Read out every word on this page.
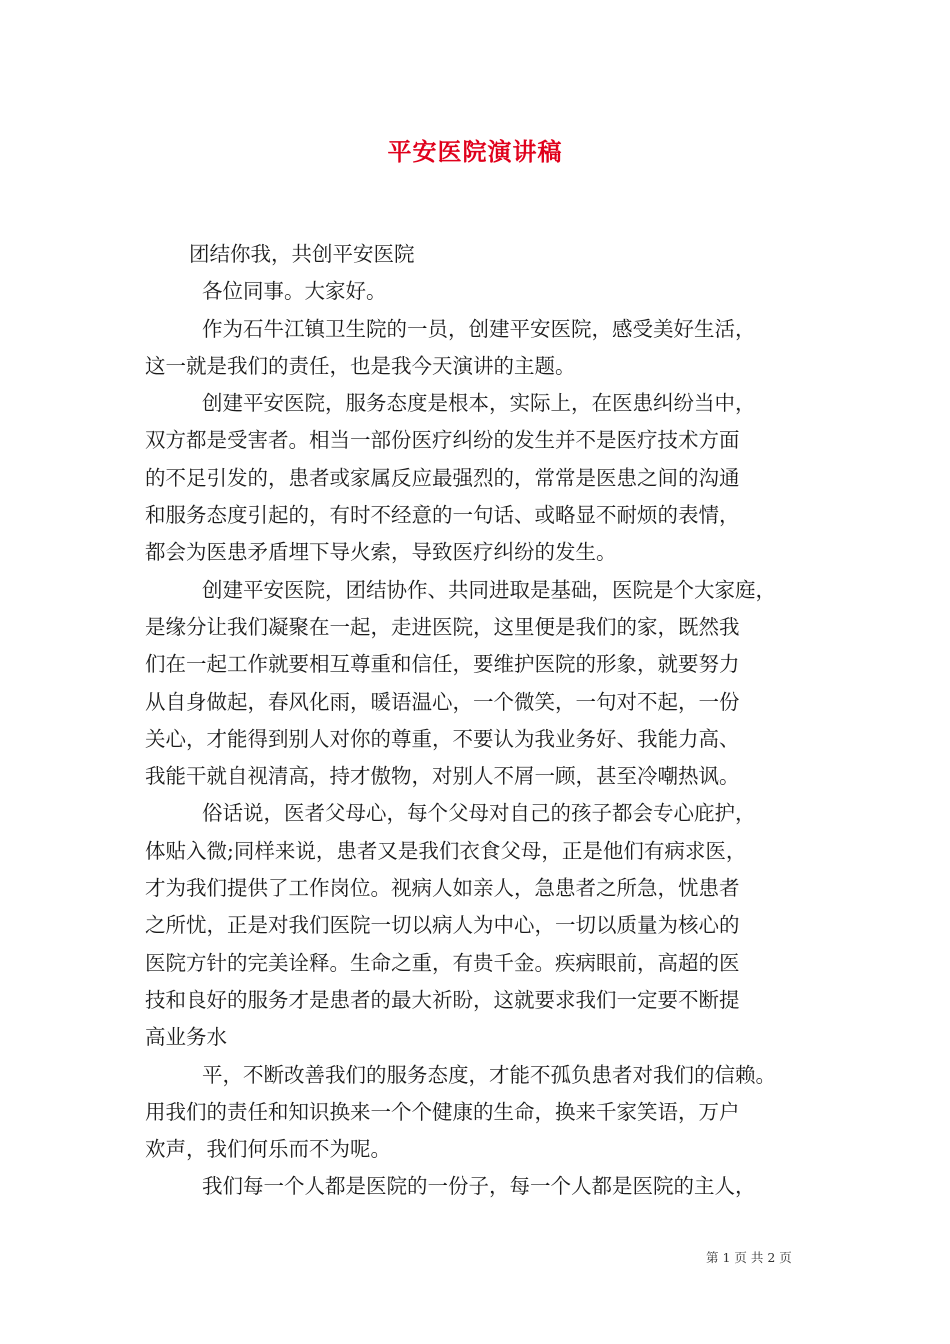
平安医院演讲稿
团结你我，共创平安医院
各位同事。大家好。
作为石牛江镇卫生院的一员，创建平安医院，感受美好生活，
这一就是我们的责任，也是我今天演讲的主题。
创建平安医院，服务态度是根本，实际上，在医患纠纷当中，
双方都是受害者。相当一部份医疗纠纷的发生并不是医疗技术方面
的不足引发的，患者或家属反应最强烈的，常常是医患之间的沟通
和服务态度引起的，有时不经意的一句话、或略显不耐烦的表情，
都会为医患矛盾埋下导火索，导致医疗纠纷的发生。
创建平安医院，团结协作、共同进取是基础，医院是个大家庭，
是缘分让我们凝聚在一起，走进医院，这里便是我们的家，既然我
们在一起工作就要相互尊重和信任，要维护医院的形象，就要努力
从自身做起，春风化雨，暖语温心，一个微笑，一句对不起，一份
关心，才能得到别人对你的尊重，不要认为我业务好、我能力高、
我能干就自视清高，持才傲物，对别人不屑一顾，甚至冷嘲热讽。
俗话说，医者父母心，每个父母对自己的孩子都会专心庇护，
体贴入微;同样来说，患者又是我们衣食父母，正是他们有病求医，
才为我们提供了工作岗位。视病人如亲人，急患者之所急，忧患者
之所忧，正是对我们医院一切以病人为中心，一切以质量为核心的
医院方针的完美诠释。生命之重，有贵千金。疾病眼前，高超的医
技和良好的服务才是患者的最大祈盼，这就要求我们一定要不断提
高业务水
平，不断改善我们的服务态度，才能不孤负患者对我们的信赖。
用我们的责任和知识换来一个个健康的生命，换来千家笑语，万户
欢声，我们何乐而不为呢。
我们每一个人都是医院的一份子，每一个人都是医院的主人，
第 1 页 共 2 页
